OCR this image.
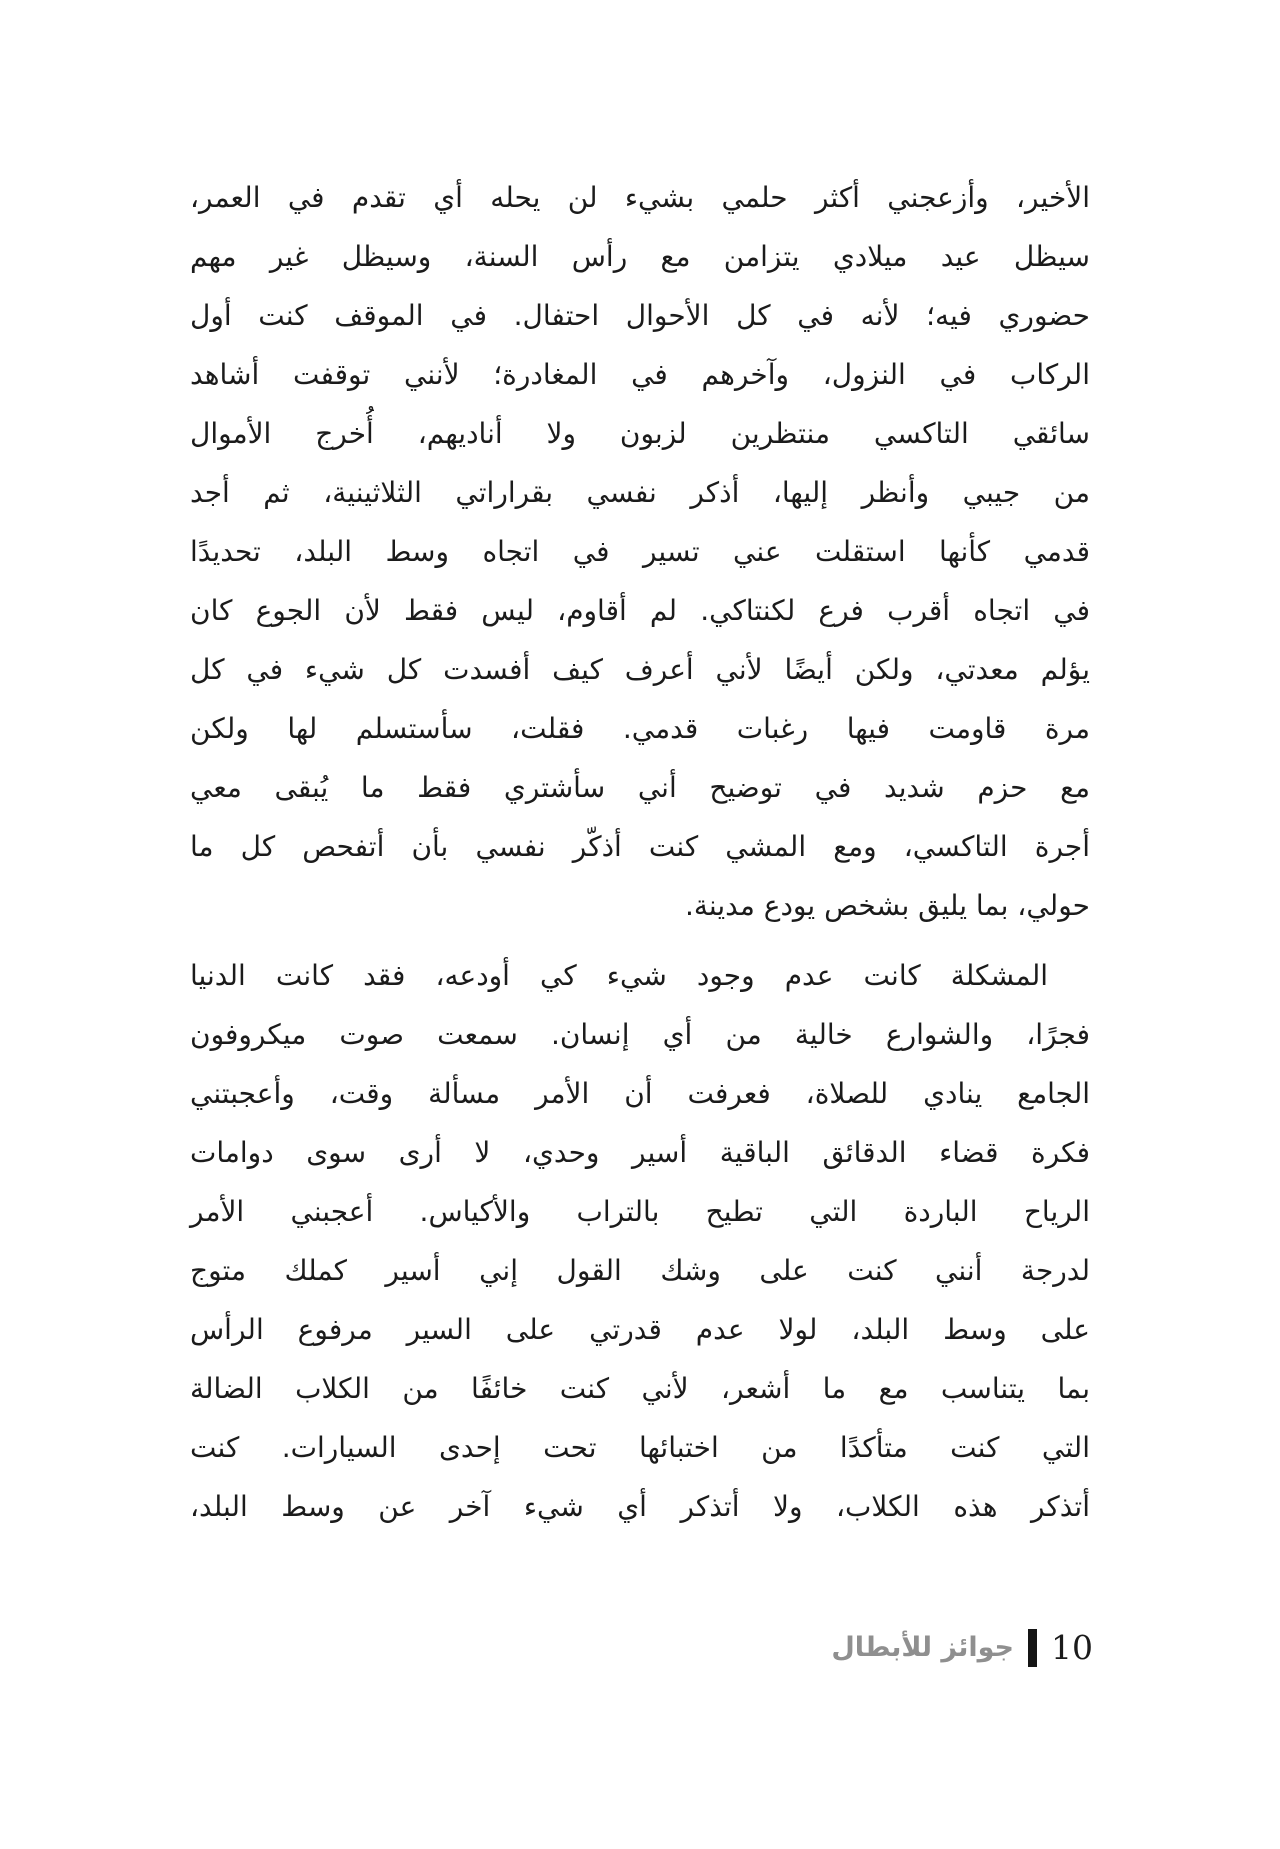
الأخير، وأزعجني أكثر حلمي بشيء لن يحله أي تقدم في العمر،
سيظل عيد ميلادي يتزامن مع رأس السنة، وسيظل غير مهم
حضوري فيه؛ لأنه في كل الأحوال احتفال. في الموقف كنت أول
الركاب في النزول، وآخرهم في المغادرة؛ لأنني توقفت أشاهد
سائقي التاكسي منتظرين لزبون ولا أناديهم، أُخرج الأموال
من جيبي وأنظر إليها، أذكر نفسي بقراراتي الثلاثينية، ثم أجد
قدمي كأنها استقلت عني تسير في اتجاه وسط البلد، تحديدًا
في اتجاه أقرب فرع لكنتاكي. لم أقاوم، ليس فقط لأن الجوع كان
يؤلم معدتي، ولكن أيضًا لأني أعرف كيف أفسدت كل شيء في كل
مرة قاومت فيها رغبات قدمي. فقلت، سأستسلم لها ولكن
مع حزم شديد في توضيح أني سأشتري فقط ما يُبقى معي
أجرة التاكسي، ومع المشي كنت أذكّر نفسي بأن أتفحص كل ما
حولي، بما يليق بشخص يودع مدينة.
المشكلة كانت عدم وجود شيء كي أودعه، فقد كانت الدنيا
فجرًا، والشوارع خالية من أي إنسان. سمعت صوت ميكروفون
الجامع ينادي للصلاة، فعرفت أن الأمر مسألة وقت، وأعجبتني
فكرة قضاء الدقائق الباقية أسير وحدي، لا أرى سوى دوامات
الرياح الباردة التي تطيح بالتراب والأكياس. أعجبني الأمر
لدرجة أنني كنت على وشك القول إني أسير كملك متوج
على وسط البلد، لولا عدم قدرتي على السير مرفوع الرأس
بما يتناسب مع ما أشعر، لأني كنت خائفًا من الكلاب الضالة
التي كنت متأكدًا من اختبائها تحت إحدى السيارات. كنت
أتذكر هذه الكلاب، ولا أتذكر أي شيء آخر عن وسط البلد،
جوائز للأبطال 10
